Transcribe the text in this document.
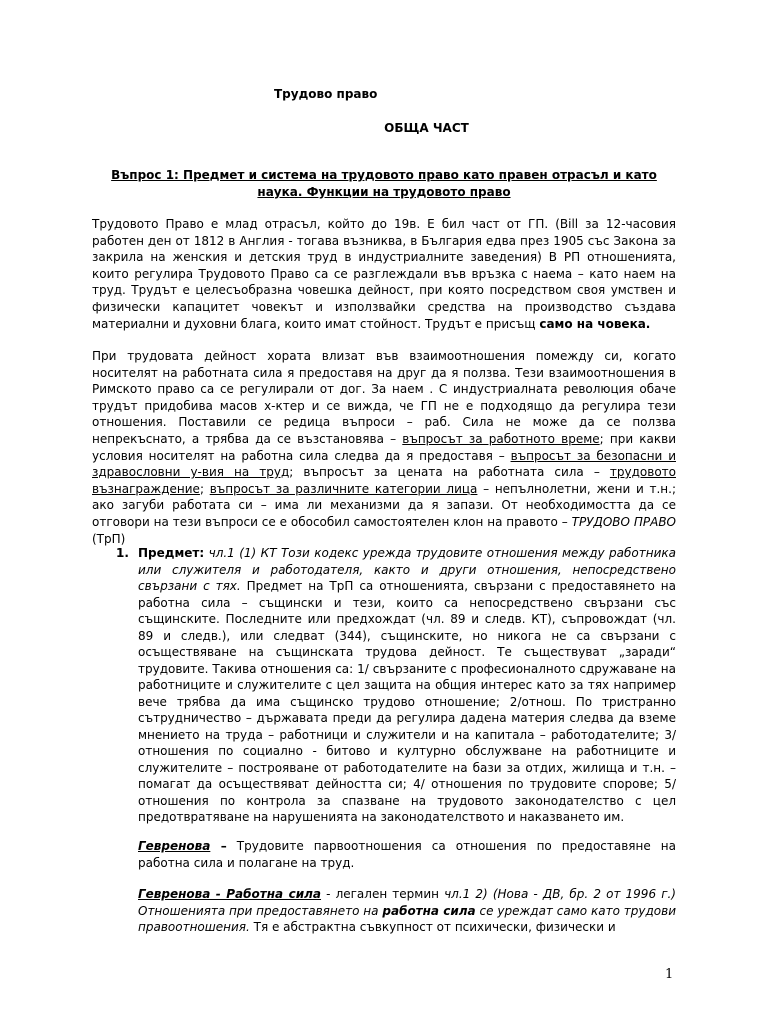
Трудово право
ОБЩА ЧАСТ
Въпрос 1: Предмет и система на трудовото право като правен отрасъл и като наука. Функции на трудовото право
Трудовото Право е млад отрасъл, който до 19в. Е бил част от ГП. (Bill за 12-часовия работен ден от 1812 в Англия - тогава възниква, в България едва през 1905 със Закона за закрила на женския и детския труд в индустриалните заведения) В РП отношенията, които регулира Трудовото Право са се разглеждали във връзка с наема – като наем на труд. Трудът е целесъобразна човешка дейност, при която посредством своя умствен и физически капацитет човекът и използвайки средства на производство създава материални и духовни блага, които имат стойност. Трудът е присъщ само на човека.
При трудовата дейност хората влизат във взаимоотношения помежду си, когато носителят на работната сила я предоставя на друг да я ползва. Тези взаимоотношения в Римското право са се регулирали от дог. За наем . С индустриалната революция обаче трудът придобива масов х-ктер и се вижда, че ГП не е подходящо да регулира тези отношения. Поставили се редица въпроси – раб. Сила не може да се ползва непрекъснато, а трябва да се възстановява – въпросът за работното време; при какви условия носителят на работна сила следва да я предоставя – въпросът за безопасни и здравословни у-вия на труд; въпросът за цената на работната сила – трудовото възнаграждение; въпросът за различните категории лица – непълнолетни, жени и т.н.; ако загуби работата си – има ли механизми да я запази. От необходимостта да се отговори на тези въпроси се е обособил самостоятелен клон на правото – ТРУДОВО ПРАВО (ТрП)
1. Предмет: чл.1 (1) КТ Този кодекс урежда трудовите отношения между работника или служителя и работодателя, както и други отношения, непосредствено свързани с тях. Предмет на ТрП са отношенията, свързани с предоставянето на работна сила – същински и тези, които са непосредствено свързани със същинските. Последните или предхождат (чл. 89 и следв. КТ), съпровождат (чл. 89 и следв.), или следват (344), същинските, но никога не са свързани с осъществяване на същинската трудова дейност. Те съществуват „заради“ трудовите. Такива отношения са: 1/ свързаните с професионалното сдружаване на работниците и служителите с цел защита на общия интерес като за тях например вече трябва да има същинско трудово отношение; 2/отнош. По тристранно сътрудничество – държавата преди да регулира дадена материя следва да вземе мнението на труда – работници и служители и на капитала – работодателите; 3/ отношения по социално - битово и културно обслужване на работниците и служителите – построяване от работодателите на бази за отдих, жилища и т.н. – помагат да осъществяват дейността си; 4/ отношения по трудовите спорове; 5/ отношения по контрола за спазване на трудовото законодателство с цел предотвратяване на нарушенията на законодателството и наказването им.
Гевренова – Трудовите парвоотношения са отношения по предоставяне на работна сила и полагане на труд.
Гевренова - Работна сила - легален термин чл.1 2) (Нова - ДВ, бр. 2 от 1996 г.) Отношенията при предоставянето на работна сила се уреждат само като трудови правоотношения. Тя е абстрактна съвкупност от психически, физически и
1
